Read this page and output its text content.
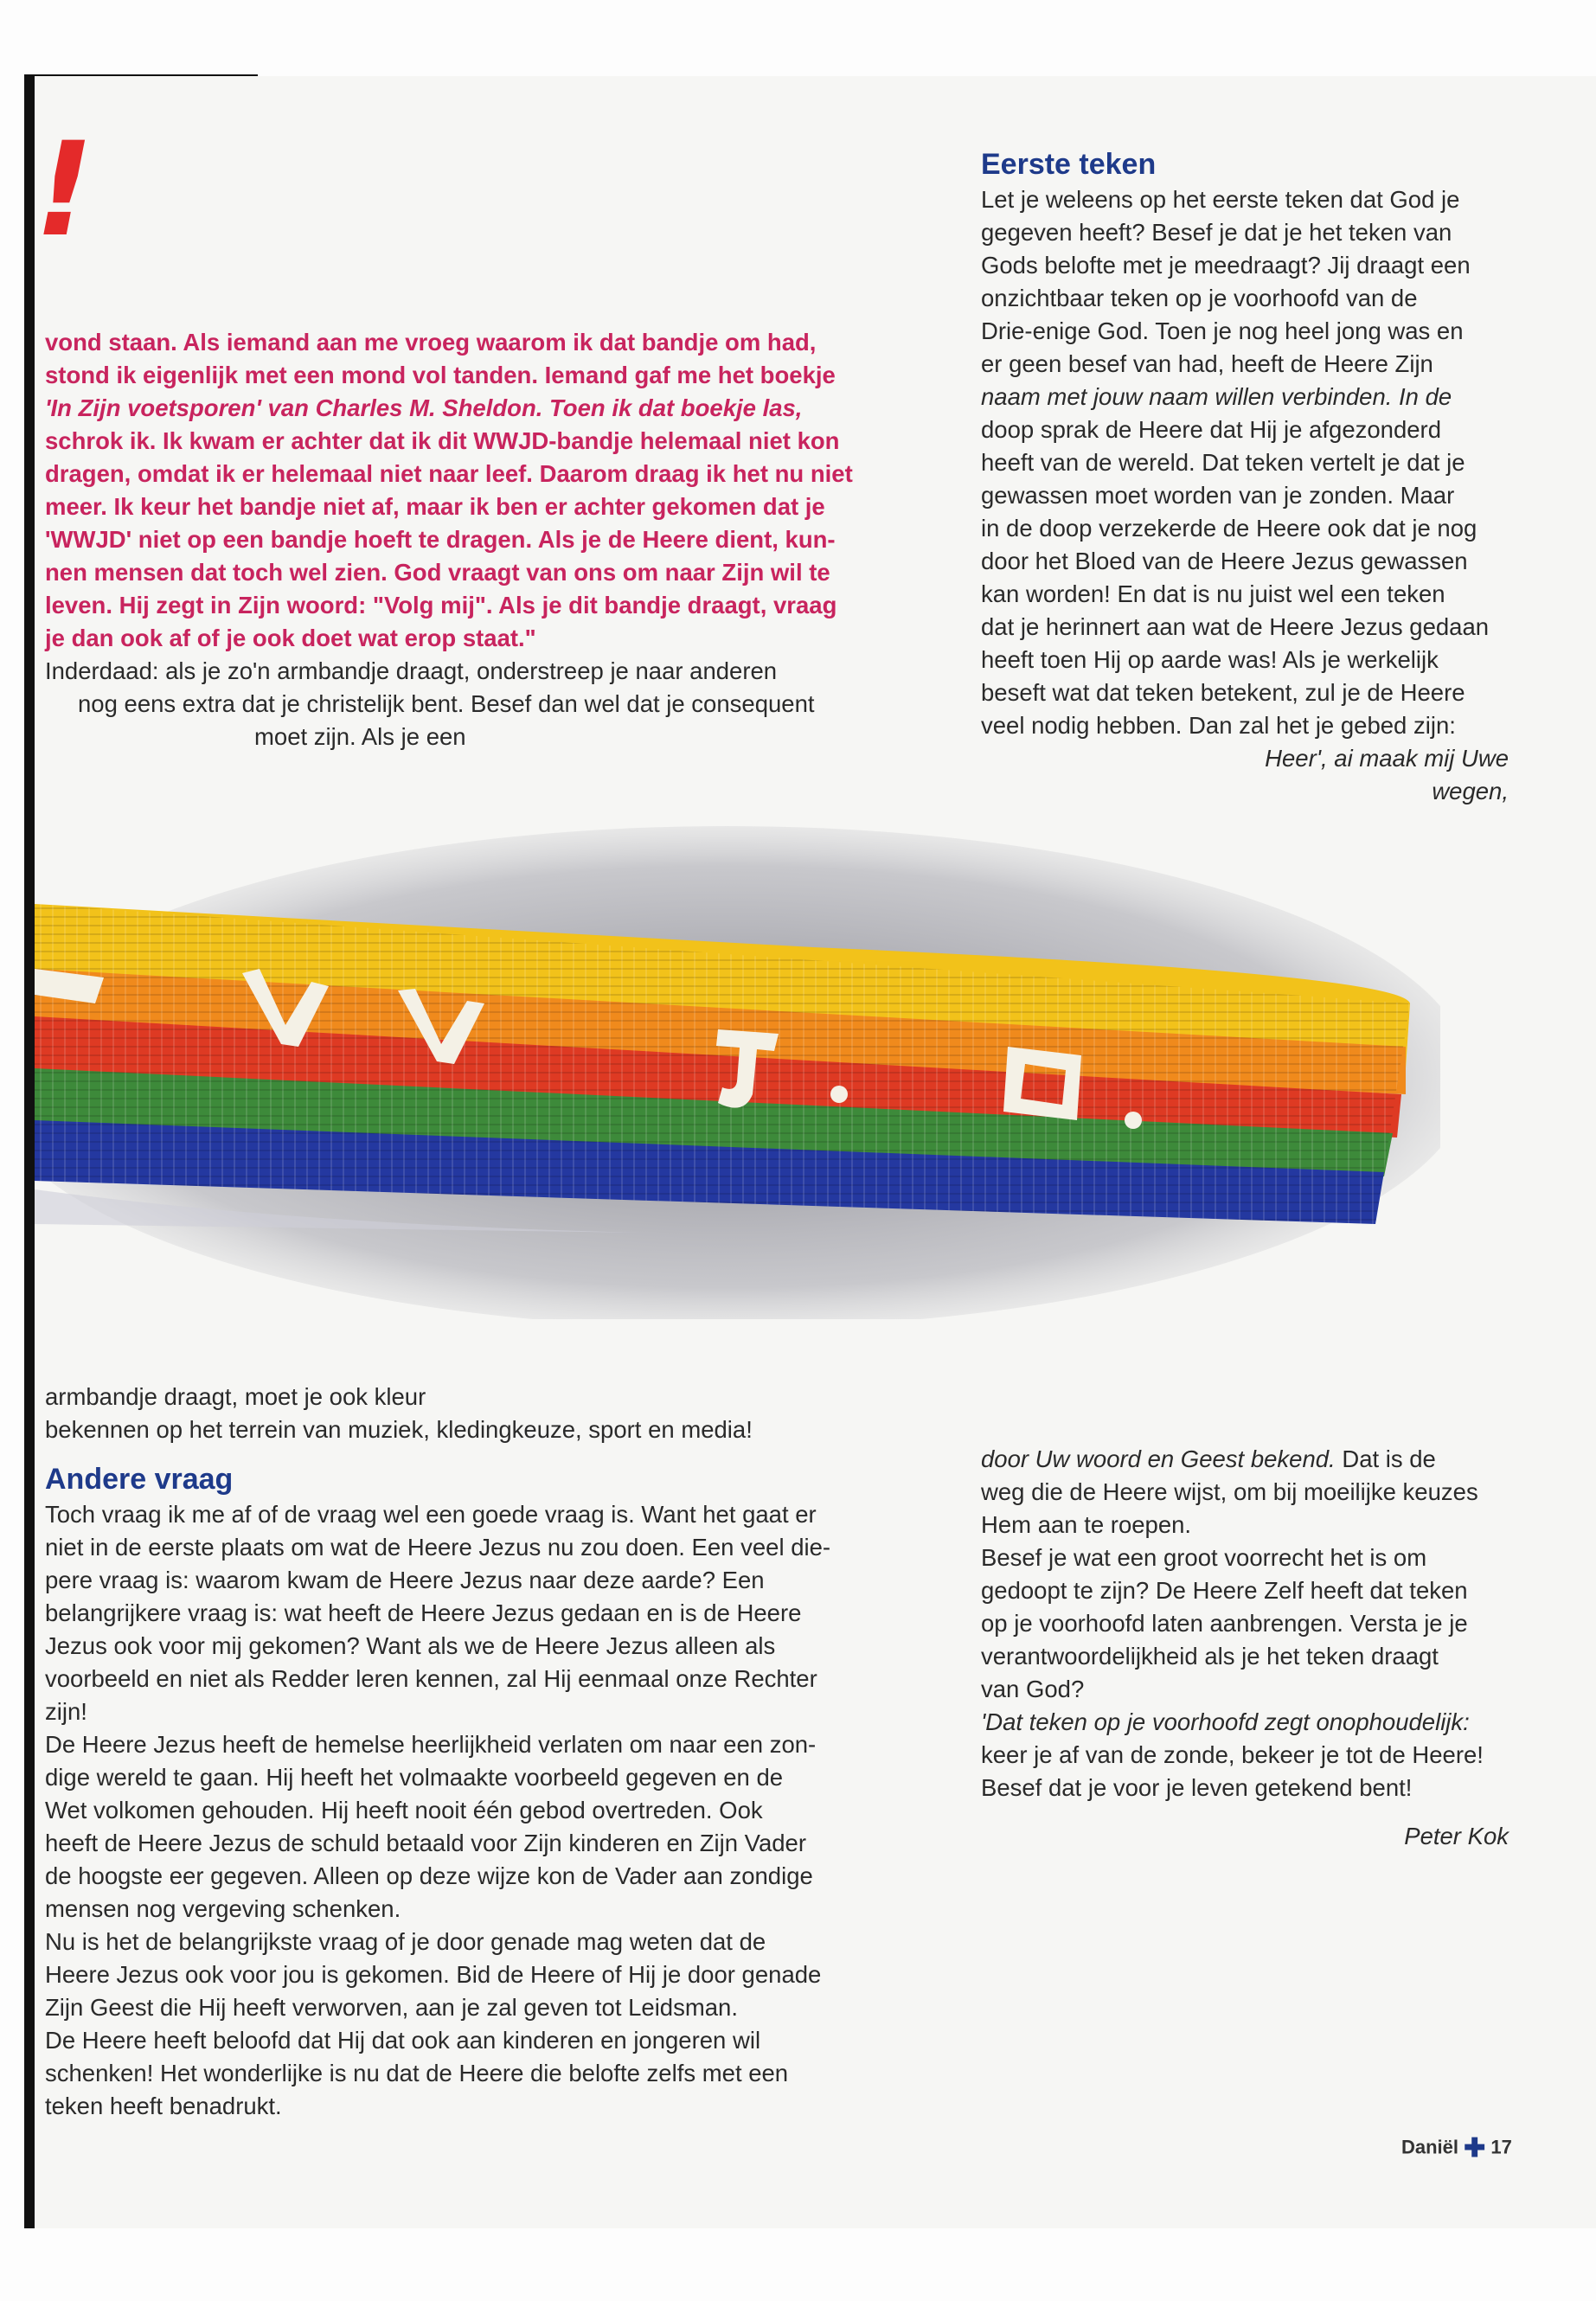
!

vond staan. Als iemand aan me vroeg waarom ik dat bandje om had,

stond ik eigenlijk met een mond vol tanden. Iemand gaf me het boekje

'In Zijn voetsporen' van Charles M. Sheldon. Toen ik dat boekje las,

schrok ik. Ik kwam er achter dat ik dit WWJD-bandje helemaal niet kon

dragen, omdat ik er helemaal niet naar leef. Daarom draag ik het nu niet

meer. Ik keur het bandje niet af, maar ik ben er achter gekomen dat je

'WWJD' niet op een bandje hoeft te dragen. Als je de Heere dient, kun-

nen mensen dat toch wel zien. God vraagt van ons om naar Zijn wil te

leven. Hij zegt in Zijn woord: "Volg mij". Als je dit bandje draagt, vraag

je dan ook af of je ook doet wat erop staat."

Inderdaad: als je zo'n armbandje draagt, onderstreep je naar anderen

nog eens extra dat je christelijk bent. Besef dan wel dat je consequent

moet zijn. Als je een

Eerste teken

Let je weleens op het eerste teken dat God je

gegeven heeft? Besef je dat je het teken van

Gods belofte met je meedraagt? Jij draagt een

onzichtbaar teken op je voorhoofd van de

Drie-enige God. Toen je nog heel jong was en

er geen besef van had, heeft de Heere Zijn

naam met jouw naam willen verbinden. In de

doop sprak de Heere dat Hij je afgezonderd

heeft van de wereld. Dat teken vertelt je dat je

gewassen moet worden van je zonden. Maar

in de doop verzekerde de Heere ook dat je nog

door het Bloed van de Heere Jezus gewassen

kan worden! En dat is nu juist wel een teken

dat je herinnert aan wat de Heere Jezus gedaan

heeft toen Hij op aarde was! Als je werkelijk

beseft wat dat teken betekent, zul je de Heere

veel nodig hebben. Dan zal het je gebed zijn:

Heer', ai maak mij Uwe

wegen,

armbandje draagt, moet je ook kleur

bekennen op het terrein van muziek, kledingkeuze, sport en media!

Andere vraag

Toch vraag ik me af of de vraag wel een goede vraag is. Want het gaat er

niet in de eerste plaats om wat de Heere Jezus nu zou doen. Een veel die-

pere vraag is: waarom kwam de Heere Jezus naar deze aarde? Een

belangrijkere vraag is: wat heeft de Heere Jezus gedaan en is de Heere

Jezus ook voor mij gekomen? Want als we de Heere Jezus alleen als

voorbeeld en niet als Redder leren kennen, zal Hij eenmaal onze Rechter

zijn!

De Heere Jezus heeft de hemelse heerlijkheid verlaten om naar een zon-

dige wereld te gaan. Hij heeft het volmaakte voorbeeld gegeven en de

Wet volkomen gehouden. Hij heeft nooit één gebod overtreden. Ook

heeft de Heere Jezus de schuld betaald voor Zijn kinderen en Zijn Vader

de hoogste eer gegeven. Alleen op deze wijze kon de Vader aan zondige

mensen nog vergeving schenken.

Nu is het de belangrijkste vraag of je door genade mag weten dat de

Heere Jezus ook voor jou is gekomen. Bid de Heere of Hij je door genade

Zijn Geest die Hij heeft verworven, aan je zal geven tot Leidsman.

De Heere heeft beloofd dat Hij dat ook aan kinderen en jongeren wil

schenken! Het wonderlijke is nu dat de Heere die belofte zelfs met een

teken heeft benadrukt.

door Uw woord en Geest bekend. Dat is de

weg die de Heere wijst, om bij moeilijke keuzes

Hem aan te roepen.

Besef je wat een groot voorrecht het is om

gedoopt te zijn? De Heere Zelf heeft dat teken

op je voorhoofd laten aanbrengen. Versta je je

verantwoordelijkheid als je het teken draagt

van God?

'Dat teken op je voorhoofd zegt onophoudelijk:

keer je af van de zonde, bekeer je tot de Heere!

Besef dat je voor je leven getekend bent!

Peter Kok

Daniël ✚ 17
